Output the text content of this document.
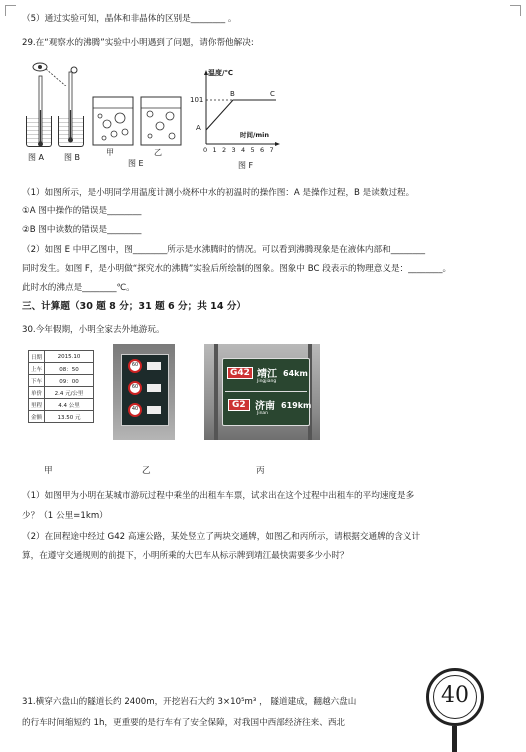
（5）通过实验可知，晶体和非晶体的区别是________ 。
29.在“观察水的沸腾”实验中小明遇到了问题，请你帮他解决:
图 A 图 B
甲	乙
图 E
温度/℃
101
A
B	C
时间/min
0 1 2 3 4 5 6 7
图 F
（1）如图所示，是小明同学用温度计测小烧杯中水的初温时的操作图：A 是操作过程，B 是读数过程。
①A 图中操作的错误是________
②B 图中读数的错误是________
（2）如图 E 中甲乙图中，图________所示是水沸腾时的情况。可以看到沸腾现象是在液体内部和________
同时发生。如图 F，是小明做“探究水的沸腾”实验后所绘制的图象。图象中 BC 段表示的物理意义是：________。
此时水的沸点是________℃。
三、计算题（30 题 8 分；31 题 6 分；共 14 分）
30.今年假期，小明全家去外地游玩。
日期	2015.10
上车	08：50
下车	09：00
单价	2.4 元/公里
里程	4.4 公里
金额	13.50 元
60
60
40
G42 靖江
Jingjiang
64km
G2 济南
Jinan
619km
甲	乙	丙
（1）如图甲为小明在某城市游玩过程中乘坐的出租车车票，试求出在这个过程中出租车的平均速度是多
少？（1 公里=1km）
（2）在回程途中经过 G42 高速公路，某处竖立了两块交通牌，如图乙和丙所示，请根据交通牌的含义计
算，在遵守交通规则的前提下，小明所乘的大巴车从标示牌到靖江最快需要多少小时？
31.横穿六盘山的隧道长约 2400m，开挖岩石大约 3×10⁵m³ ， 隧道建成，翻越六盘山
的行车时间缩短约 1h，更重要的是行车有了安全保障，对我国中西部经济往来、西北
40
